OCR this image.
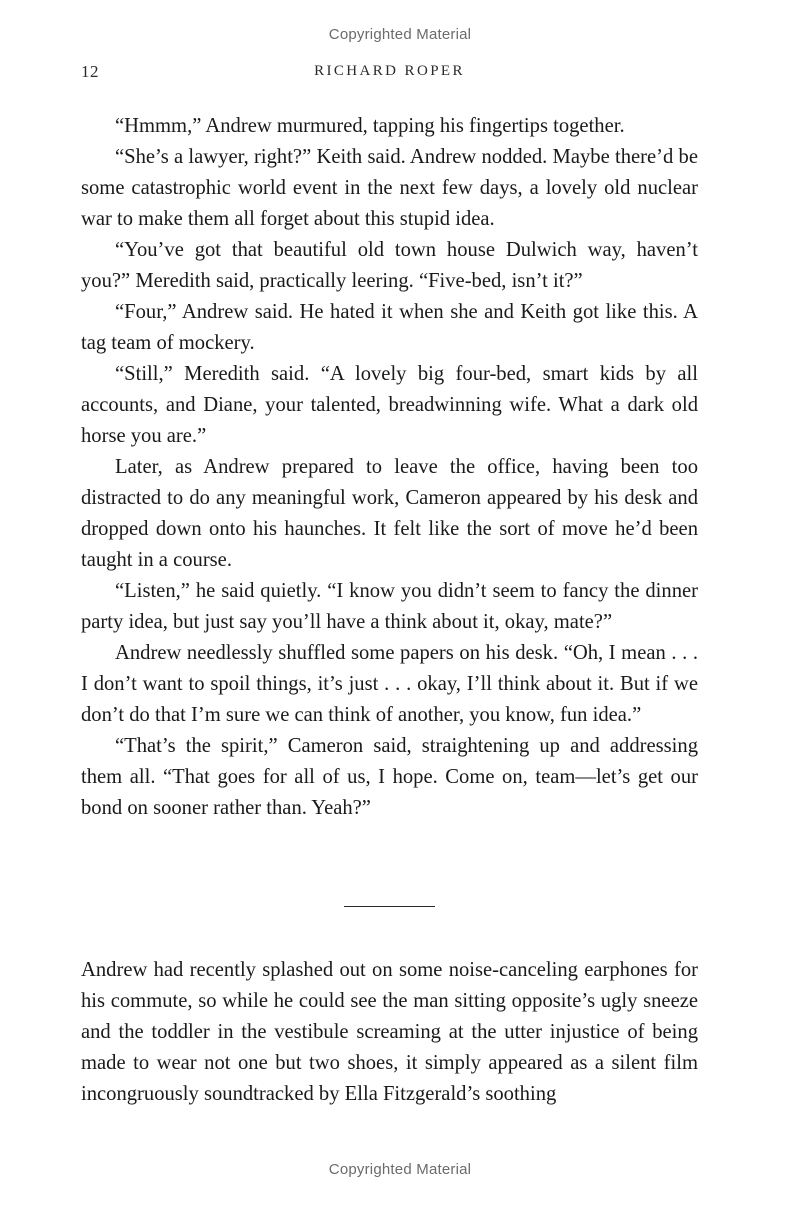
Copyrighted Material
12	RICHARD ROPER

“Hmmm,” Andrew murmured, tapping his fingertips together.

“She’s a lawyer, right?” Keith said. Andrew nodded. Maybe there’d be some catastrophic world event in the next few days, a lovely old nuclear war to make them all forget about this stupid idea.

“You’ve got that beautiful old town house Dulwich way, haven’t you?” Meredith said, practically leering. “Five-bed, isn’t it?”

“Four,” Andrew said. He hated it when she and Keith got like this. A tag team of mockery.

“Still,” Meredith said. “A lovely big four-bed, smart kids by all accounts, and Diane, your talented, breadwinning wife. What a dark old horse you are.”

Later, as Andrew prepared to leave the office, having been too distracted to do any meaningful work, Cameron appeared by his desk and dropped down onto his haunches. It felt like the sort of move he’d been taught in a course.

“Listen,” he said quietly. “I know you didn’t seem to fancy the dinner party idea, but just say you’ll have a think about it, okay, mate?”

Andrew needlessly shuffled some papers on his desk. “Oh, I mean . . . I don’t want to spoil things, it’s just . . . okay, I’ll think about it. But if we don’t do that I’m sure we can think of another, you know, fun idea.”

“That’s the spirit,” Cameron said, straightening up and addressing them all. “That goes for all of us, I hope. Come on, team—let’s get our bond on sooner rather than. Yeah?”

Andrew had recently splashed out on some noise-canceling earphones for his commute, so while he could see the man sitting opposite’s ugly sneeze and the toddler in the vestibule screaming at the utter injustice of being made to wear not one but two shoes, it simply appeared as a silent film incongruously soundtracked by Ella Fitzgerald’s soothing

Copyrighted Material
